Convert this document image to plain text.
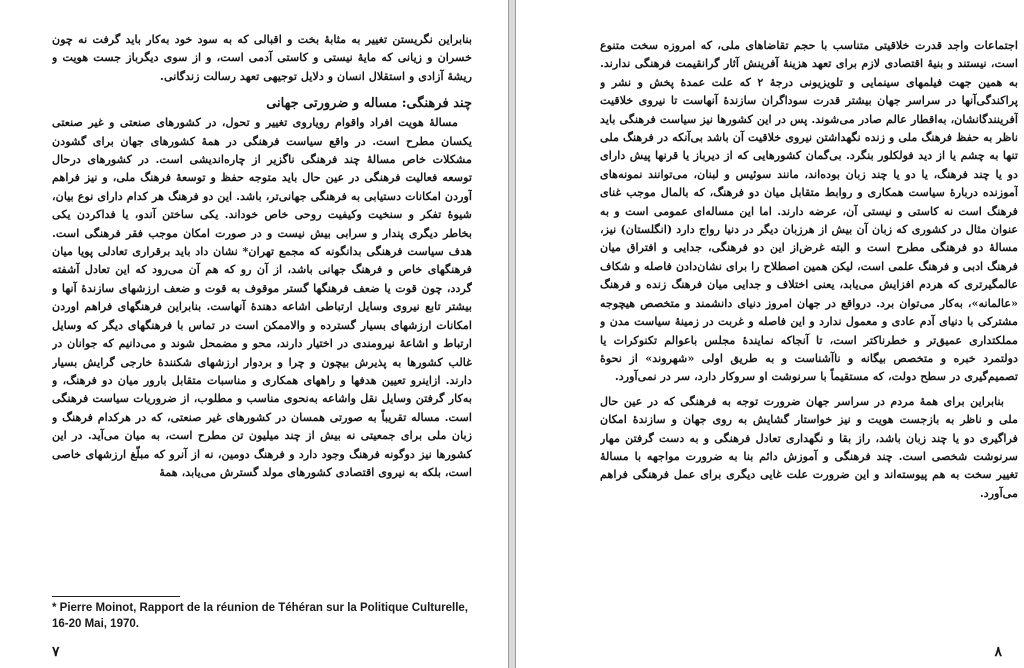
بنابراین نگریستن تغییر به مثابهٔ بخت و اقبالی که به سود خود به‌کار باید گرفت نه چون خسران و زیانی که مایهٔ نیستی و کاستی آدمی است، و از سوی دیگرباز جست هویت و ریشهٔ آزادی و استقلال انسان و دلایل توجیهی تعهد رسالت زندگانی.

چند فرهنگی: مساله و ضرورتی جهانی

مسالهٔ هویت افراد واقوام رویاروی تغییر و تحول، در کشورهای صنعتی و غیر صنعتی یکسان مطرح است. در واقع سیاست فرهنگی در همهٔ کشورهای جهان برای گشودن مشکلات خاص مسالهٔ چند فرهنگی ناگزیر از چاره‌اندیشی است. در کشورهای درحال توسعه فعالیت فرهنگی در عین حال باید متوجه حفظ و توسعهٔ فرهنگ ملی، و نیز فراهم آوردن امکانات دستیابی به فرهنگی جهانی‌تر، باشد. این دو فرهنگ هر کدام دارای نوع بیان، شیوهٔ تفکر و سنخیت وکیفیت روحی خاص خوداند. یکی ساختن آندو، یا فداکردن یکی بخاطر دیگری پندار و سرابی بیش نیست و در صورت امکان موجب فقر فرهنگی است. هدف سیاست فرهنگی بدانگونه که مجمع تهران* نشان داد باید برقراری تعادلی پویا میان فرهنگهای خاص و فرهنگ جهانی باشد، از آن رو که هم آن می‌رود که این تعادل آشفته گردد، چون قوت یا ضعف فرهنگها گستر موقوف به قوت و ضعف ارزشهای سازندهٔ آنها و بیشتر تابع نیروی وسایل ارتباطی اشاعه دهندهٔ آنهاست. بنابراین فرهنگهای فراهم اوردن امکانات ارزشهای بسیار گسترده و والاممکن است در تماس با فرهنگهای دیگر که وسایل ارتباط و اشاعهٔ نیرومندی در اختیار دارند، محو و مضمحل شوند و می‌دانیم که جوانان در غالب کشورها به پذیرش بیچون و چرا و بردوار ارزشهای شکنندهٔ خارجی گرایش بسیار دارند. ازاینرو تعیین هدفها و راههای همکاری و مناسبات متقابل بارور میان دو فرهنگ، و به‌کار گرفتن وسایل نقل واشاعه به‌نحوی مناسب و مطلوب، از ضروریات سیاست فرهنگی است. مساله تقریباً به صورتی همسان در کشورهای غیر صنعتی، که در هرکدام فرهنگ و زبان ملی برای جمعیتی نه بیش از چند میلیون تن مطرح است، به میان می‌آید. در این کشورها نیز دوگونه فرهنگ وجود دارد و فرهنگ دومین، نه از آنرو که مبلّغ ارزشهای خاصی است، بلکه به نیروی اقتصادی کشورهای مولد گسترش می‌یابد، همهٔ

* Pierre Moinot, Rapport de la réunion de Téhéran sur la Politique Culturelle, 16-20 Mai, 1970.
۷

اجتماعات واجد قدرت خلاقیتی متناسب با حجم تقاضاهای ملی، که امروزه سخت متنوع است، نیستند و بنیهٔ اقتصادی لازم برای تعهد هزینهٔ آفرینش آثار گرانقیمت فرهنگی ندارند. به همین جهت فیلمهای سینمایی و تلویزیونی درجهٔ ۲ که علت عمدهٔ پخش و نشر و پراکندگی‌آنها در سراسر جهان بیشتر قدرت سوداگران سازندهٔ آنهاست تا نیروی خلاقیت آفرینندگانشان، به‌اقطار عالم صادر می‌شوند. پس در این کشورها نیز سیاست فرهنگی باید ناظر به حفظ فرهنگ ملی و زنده نگهداشتن نیروی خلاقیت آن باشد بی‌آنکه در فرهنگ ملی تنها به چشم یا از دید فولکلور بنگرد. بی‌گمان کشورهایی که از دیرباز یا قرنها پیش دارای دو یا چند فرهنگ، یا دو یا چند زبان بوده‌اند، مانند سوئیس و لبنان، می‌توانند نمونه‌های آموزنده دربارهٔ سیاست همکاری و روابط متقابل میان دو فرهنگ، که بالمال موجب غنای فرهنگ است نه کاستی و نیستی آن، عرضه دارند. اما این مساله‌ای عمومی است و به عنوان مثال در کشوری که زبان آن بیش از هرزبان دیگر در دنیا رواج دارد (انگلستان) نیز، مسالهٔ دو فرهنگی مطرح است و البته غرض‌از این دو فرهنگی، جدایی و افتراق میان فرهنگ ادبی و فرهنگ علمی است، لیکن همین اصطلاح را برای نشان‌دادن فاصله و شکاف عالمگیرتری که هردم افزایش می‌یابد، یعنی اختلاف و جدایی میان فرهنگ زنده و فرهنگ «عالمانه»، به‌کار می‌توان برد. درواقع در جهان امروز دنیای دانشمند و متخصص هیچوجه مشترکی با دنیای آدم عادی و معمول ندارد و این فاصله و غربت در زمینهٔ سیاست مدن و مملکتداری عمیق‌تر و خطرناکتر است، تا آنجاکه نمایندهٔ مجلس باعوالم تکنوکرات یا دولتمرد خبره و متخصص بیگانه و ناآشناست و به طریق اولی «شهروند» از نحوهٔ تصمیم‌گیری در سطح دولت، که مستقیماً با سرنوشت او سروکار دارد، سر در نمی‌آورد.

بنابراین برای همهٔ مردم در سراسر جهان ضرورت توجه به فرهنگی که در عین حال ملی و ناظر به بازجست هویت و نیز خواستار گشایش به روی جهان و سازندهٔ امکان فراگیری دو یا چند زبان باشد، راز بقا و نگهداری تعادل فرهنگی و به دست گرفتن مهار سرنوشت شخصی است. چند فرهنگی و آموزش دائم بنا به ضرورت مواجهه با مسالهٔ تغییر سخت به هم پیوسته‌اند و این ضرورت علت غایی دیگری برای عمل فرهنگی فراهم می‌آورد.

۸
